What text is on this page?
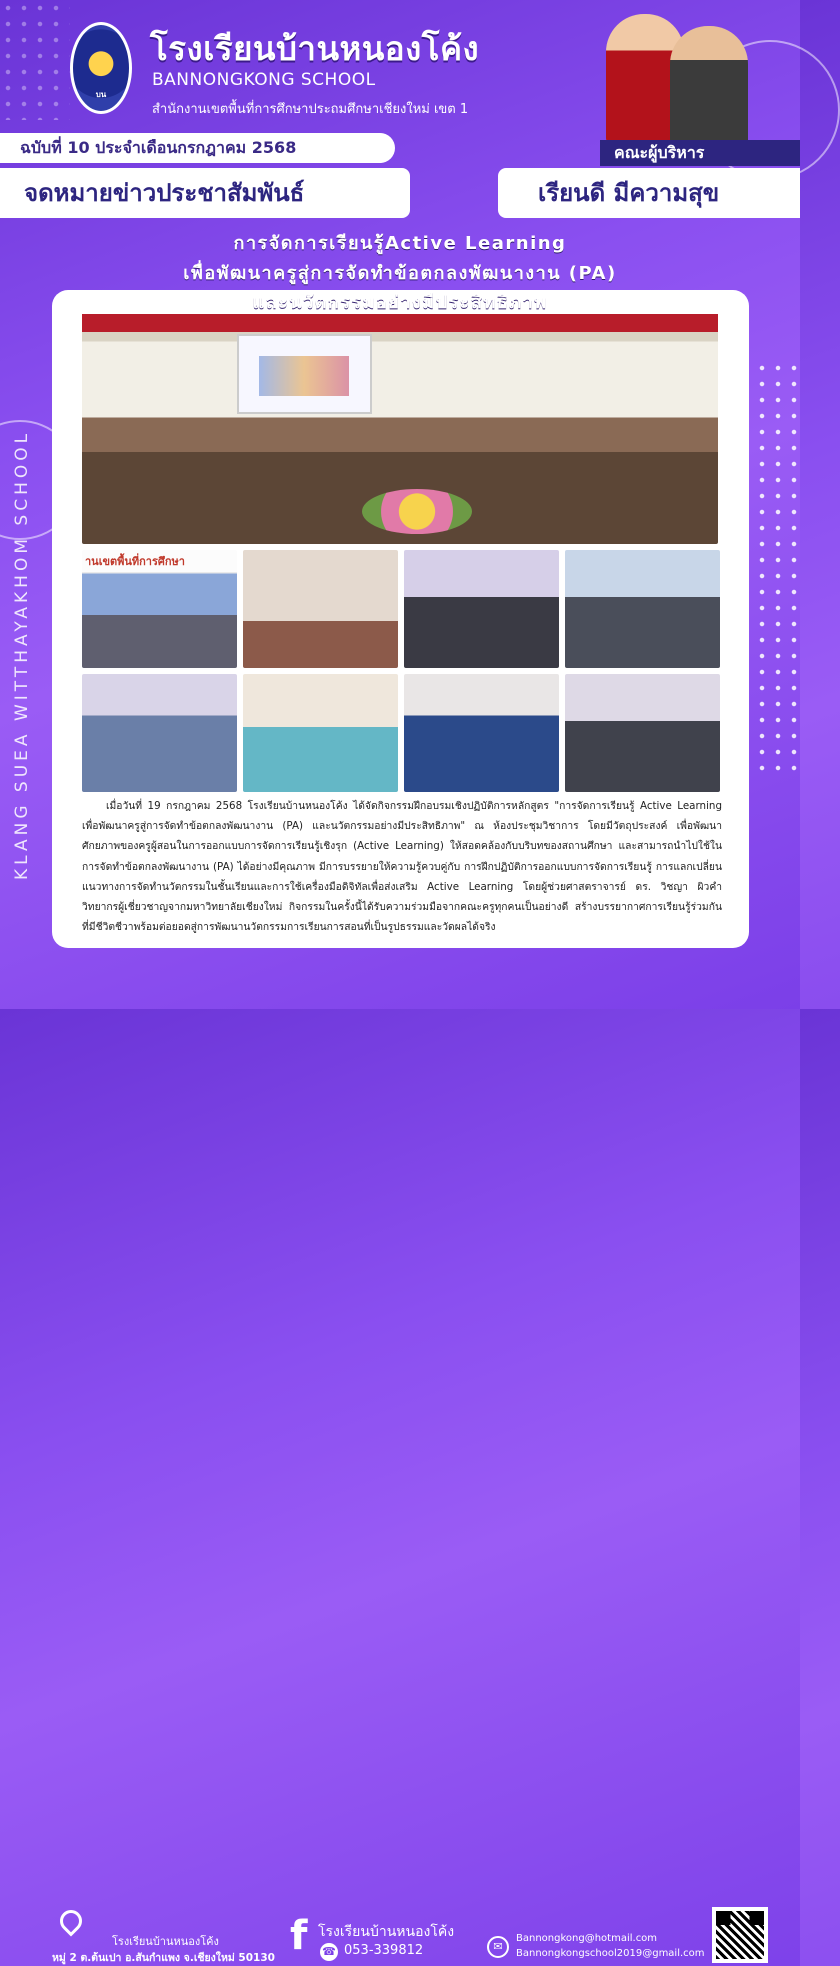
บน
โรงเรียนบ้านหนองโค้ง
BANNONGKONG SCHOOL
สำนักงานเขตพื้นที่การศึกษาประถมศึกษาเชียงใหม่ เขต 1
คณะผู้บริหาร
ฉบับที่ 10 ประจำเดือนกรกฎาคม 2568
จดหมายข่าวประชาสัมพันธ์	เรียนดี มีความสุข
การจัดการเรียนรู้Active Learning
เพื่อพัฒนาครูสู่การจัดทำข้อตกลงพัฒนางาน (PA)
KLANG SUEA WITTHAYAKHOM SCHOOL
และนวัตกรรมอย่างมีประสิทธิภาพ
านเขตพื้นที่การศึกษา
เมื่อวันที่ 19 กรกฎาคม 2568 โรงเรียนบ้านหนองโค้ง ได้จัดกิจกรรมฝึกอบรมเชิงปฏิบัติการหลักสูตร "การจัดการเรียนรู้ Active Learning เพื่อพัฒนาครูสู่การจัดทำข้อตกลงพัฒนางาน (PA) และนวัตกรรมอย่างมีประสิทธิภาพ" ณ ห้องประชุมวิชาการ โดยมีวัตถุประสงค์ เพื่อพัฒนาศักยภาพของครูผู้สอนในการออกแบบการจัดการเรียนรู้เชิงรุก (Active Learning) ให้สอดคล้องกับบริบทของสถานศึกษา และสามารถนำไปใช้ในการจัดทำข้อตกลงพัฒนางาน (PA) ได้อย่างมีคุณภาพ มีการบรรยายให้ความรู้ควบคู่กับ การฝึกปฏิบัติการออกแบบการจัดการเรียนรู้ การแลกเปลี่ยนแนวทางการจัดทำนวัตกรรมในชั้นเรียนและการใช้เครื่องมือดิจิทัลเพื่อส่งเสริม Active Learning โดยผู้ช่วยศาสตราจารย์ ดร. วิชญา ผิวคำ วิทยากรผู้เชี่ยวชาญจากมหาวิทยาลัยเชียงใหม่ กิจกรรมในครั้งนี้ได้รับความร่วมมือจากคณะครูทุกคนเป็นอย่างดี สร้างบรรยากาศการเรียนรู้ร่วมกันที่มีชีวิตชีวาพร้อมต่อยอดสู่การพัฒนานวัตกรรมการเรียนการสอนที่เป็นรูปธรรมและวัดผลได้จริง
โรงเรียนบ้านหนองโค้ง
หมู่ 2 ต.ต้นเปา อ.สันกำแพง จ.เชียงใหม่ 50130 f โรงเรียนบ้านหนองโค้ง
☎ 053-339812	✉
Bannongkong@hotmail.com
Bannongkongschool2019@gmail.com
